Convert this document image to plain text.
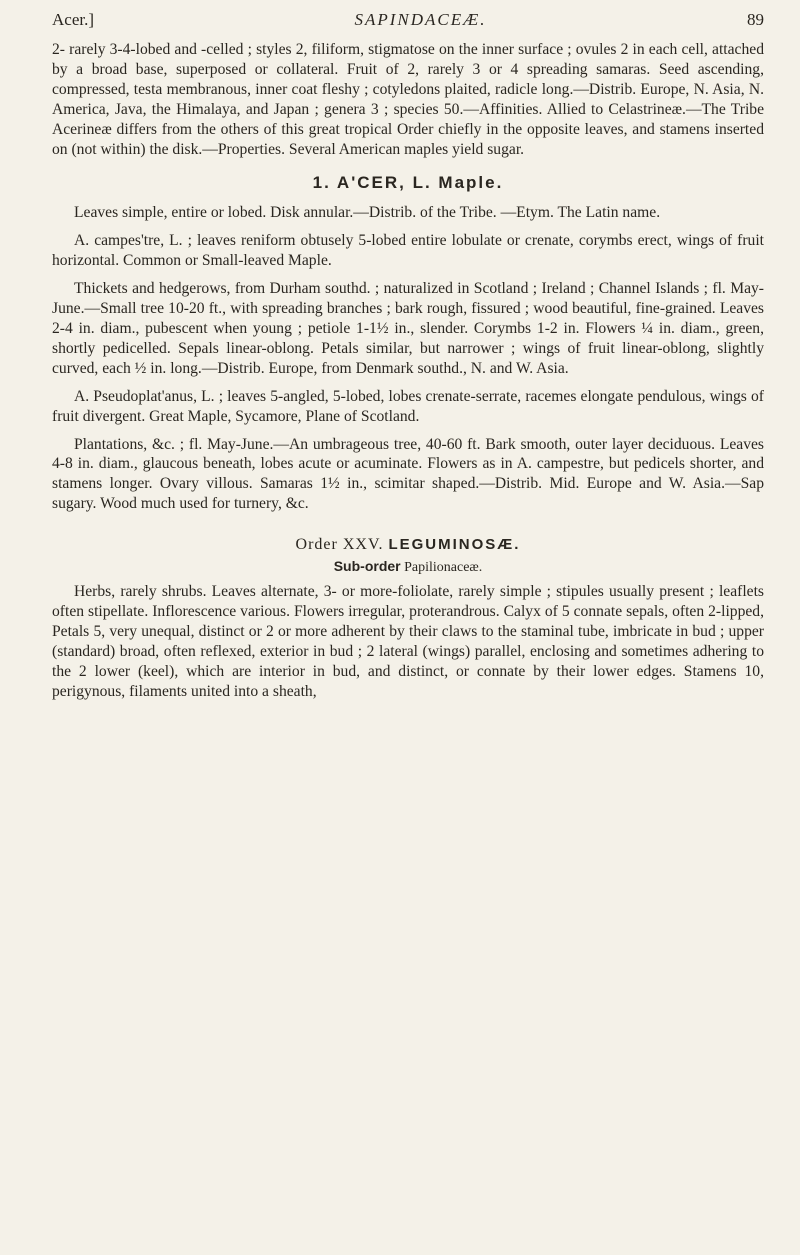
Acer.]	SAPINDACEÆ.	89

2- rarely 3-4-lobed and -celled ; styles 2, filiform, stigmatose on the inner surface ; ovules 2 in each cell, attached by a broad base, superposed or collateral. Fruit of 2, rarely 3 or 4 spreading samaras. Seed ascending, compressed, testa membranous, inner coat fleshy ; cotyledons plaited, radicle long.—Distrib. Europe, N. Asia, N. America, Java, the Himalaya, and Japan ; genera 3 ; species 50.—Affinities. Allied to Celastrineæ.—The Tribe Acerineæ differs from the others of this great tropical Order chiefly in the opposite leaves, and stamens inserted on (not within) the disk.—Properties. Several American maples yield sugar.

1. A'CER, L. Maple.

Leaves simple, entire or lobed. Disk annular.—Distrib. of the Tribe. —Etym. The Latin name.

A. campes'tre, L. ; leaves reniform obtusely 5-lobed entire lobulate or crenate, corymbs erect, wings of fruit horizontal. Common or Small-leaved Maple.

Thickets and hedgerows, from Durham southd. ; naturalized in Scotland ; Ireland ; Channel Islands ; fl. May-June.—Small tree 10-20 ft., with spreading branches ; bark rough, fissured ; wood beautiful, fine-grained. Leaves 2-4 in. diam., pubescent when young ; petiole 1-1½ in., slender. Corymbs 1-2 in. Flowers ¼ in. diam., green, shortly pedicelled. Sepals linear-oblong. Petals similar, but narrower ; wings of fruit linear-oblong, slightly curved, each ½ in. long.—Distrib. Europe, from Denmark southd., N. and W. Asia.

A. Pseudoplat'anus, L. ; leaves 5-angled, 5-lobed, lobes crenate-serrate, racemes elongate pendulous, wings of fruit divergent. Great Maple, Sycamore, Plane of Scotland.

Plantations, &c. ; fl. May-June.—An umbrageous tree, 40-60 ft. Bark smooth, outer layer deciduous. Leaves 4-8 in. diam., glaucous beneath, lobes acute or acuminate. Flowers as in A. campestre, but pedicels shorter, and stamens longer. Ovary villous. Samaras 1½ in., scimitar shaped.—Distrib. Mid. Europe and W. Asia.—Sap sugary. Wood much used for turnery, &c.

Order XXV. LEGUMINOSÆ.
Sub-order Papilionaceæ.

Herbs, rarely shrubs. Leaves alternate, 3- or more-foliolate, rarely simple ; stipules usually present ; leaflets often stipellate. Inflorescence various. Flowers irregular, proterandrous. Calyx of 5 connate sepals, often 2-lipped, Petals 5, very unequal, distinct or 2 or more adherent by their claws to the staminal tube, imbricate in bud ; upper (standard) broad, often reflexed, exterior in bud ; 2 lateral (wings) parallel, enclosing and sometimes adhering to the 2 lower (keel), which are interior in bud, and distinct, or connate by their lower edges. Stamens 10, perigynous, filaments united into a sheath,
